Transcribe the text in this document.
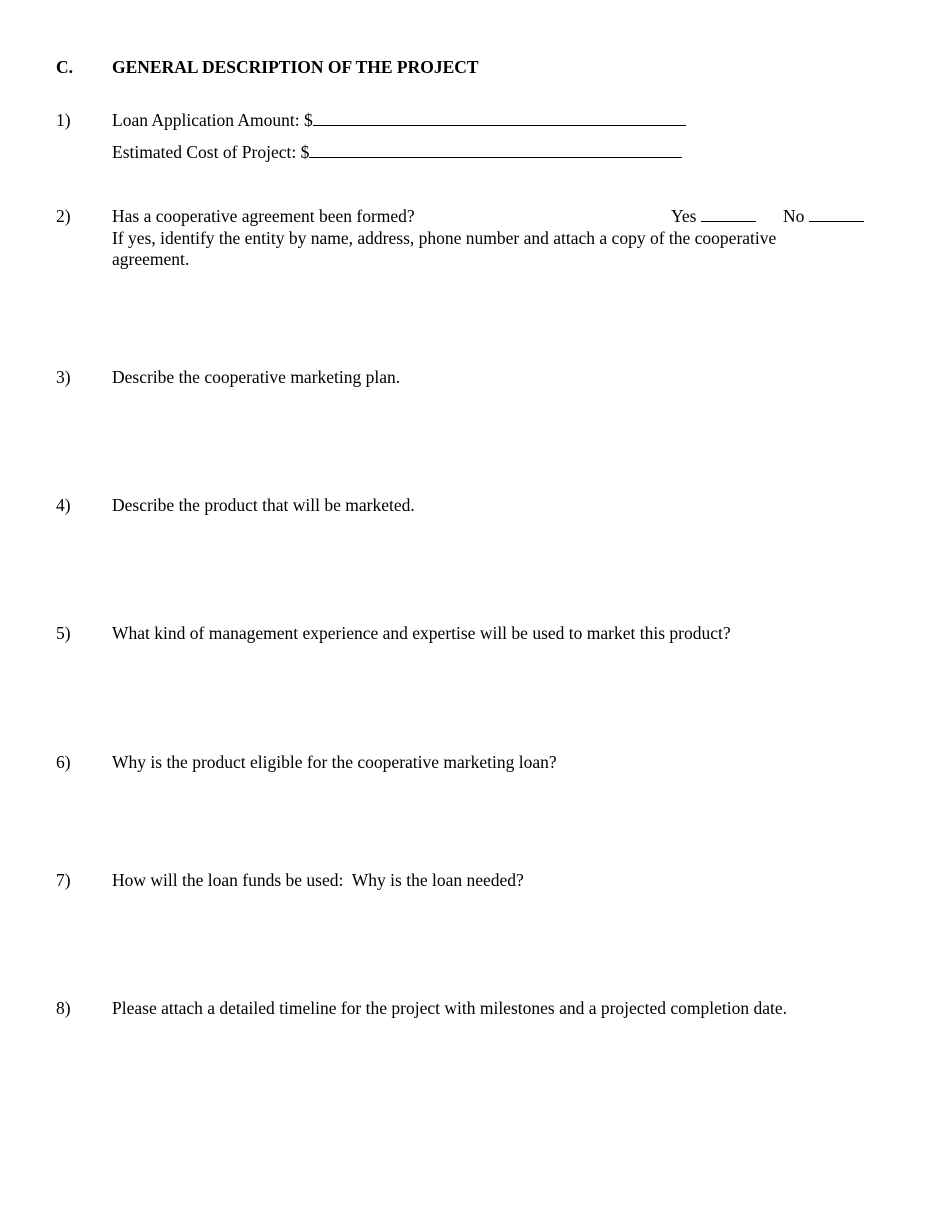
C. GENERAL DESCRIPTION OF THE PROJECT
1) Loan Application Amount: $
Estimated Cost of Project: $
2) Has a cooperative agreement been formed?	Yes	No
If yes, identify the entity by name, address, phone number and attach a copy of the cooperative agreement.
3) Describe the cooperative marketing plan.
4) Describe the product that will be marketed.
5) What kind of management experience and expertise will be used to market this product?
6) Why is the product eligible for the cooperative marketing loan?
7) How will the loan funds be used:  Why is the loan needed?
8) Please attach a detailed timeline for the project with milestones and a projected completion date.
